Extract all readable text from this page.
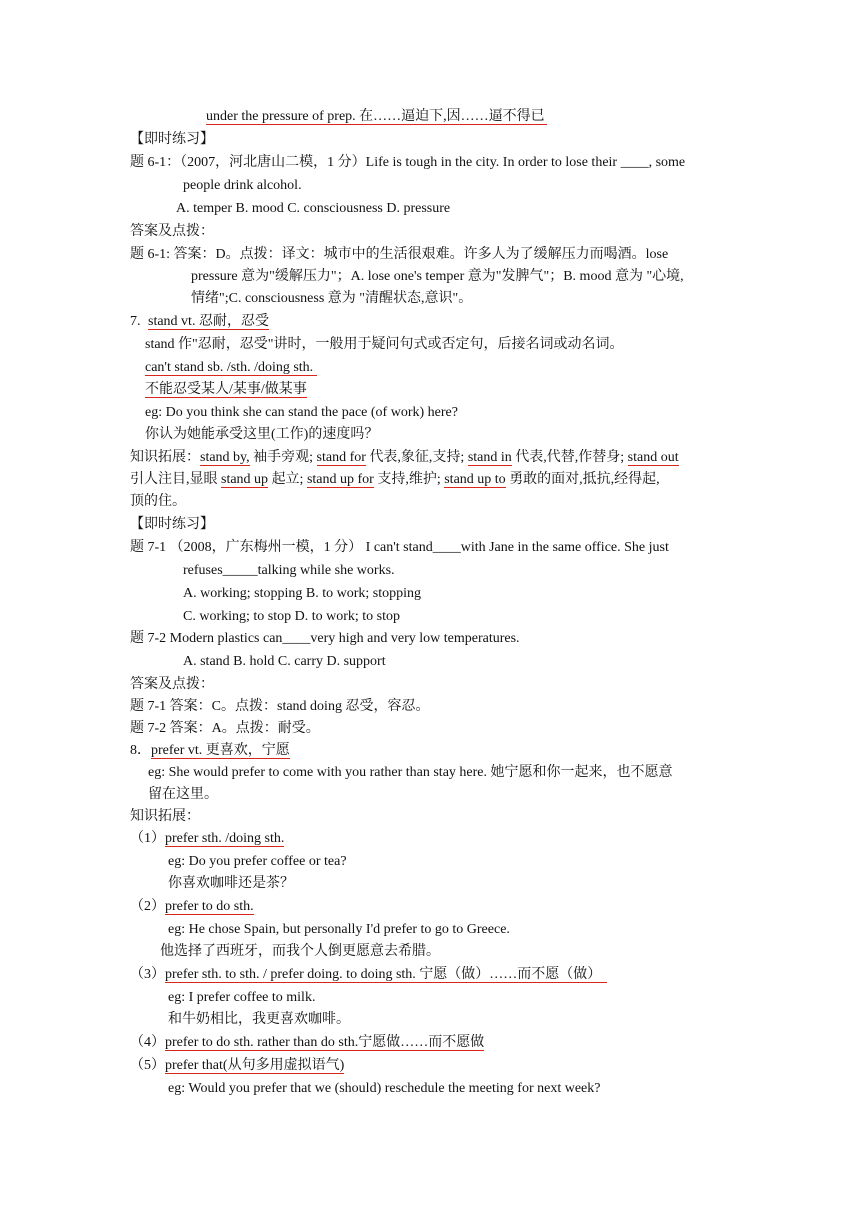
under the pressure of prep. 在……逼迫下,因……逼不得已
【即时练习】
题 6-1：（2007，河北唐山二模，1 分）Life is tough in the city. In order to lose their ____, some
people drink alcohol.
A. temper B. mood C. consciousness D. pressure
答案及点拨：
题 6-1: 答案：D。点拨：译文：城市中的生活很艰难。许多人为了缓解压力而喝酒。lose
pressure 意为"缓解压力"；A. lose one's temper 意为"发脾气"；B. mood 意为 "心境,
情绪";C. consciousness 意为 "清醒状态,意识"。
7. stand vt. 忍耐，忍受
stand 作"忍耐，忍受"讲时，一般用于疑问句式或否定句，后接名词或动名词。
can't stand sb. /sth. /doing sth.
不能忍受某人/某事/做某事
eg: Do you think she can stand the pace (of work) here?
你认为她能承受这里(工作)的速度吗？
知识拓展：stand by, 袖手旁观; stand for 代表,象征,支持; stand in 代表,代替,作替身; stand out
引人注目,显眼 stand up 起立; stand up for 支持,维护; stand up to 勇敢的面对,抵抗,经得起,
顶的住。
【即时练习】
题 7-1 （2008，广东梅州一模，1 分） I can't stand____with Jane in the same office. She just
refuses_____talking while she works.
A. working; stopping B. to work; stopping
C. working; to stop D. to work; to stop
题 7-2 Modern plastics can____very high and very low temperatures.
A. stand B. hold C. carry D. support
答案及点拨：
题 7-1 答案：C。点拨：stand doing 忍受，容忍。
题 7-2 答案：A。点拨：耐受。
8．prefer vt. 更喜欢，宁愿
eg: She would prefer to come with you rather than stay here. 她宁愿和你一起来，也不愿意
留在这里。
知识拓展：
（1）prefer sth. /doing sth.
eg: Do you prefer coffee or tea?
你喜欢咖啡还是茶？
（2）prefer to do sth.
eg: He chose Spain, but personally I'd prefer to go to Greece.
他选择了西班牙，而我个人倒更愿意去希腊。
（3）prefer sth. to sth. / prefer doing. to doing sth. 宁愿（做）……而不愿（做）
eg: I prefer coffee to milk.
和牛奶相比，我更喜欢咖啡。
（4）prefer to do sth. rather than do sth.宁愿做……而不愿做
（5）prefer that(从句多用虚拟语气)
eg: Would you prefer that we (should) reschedule the meeting for next week?
